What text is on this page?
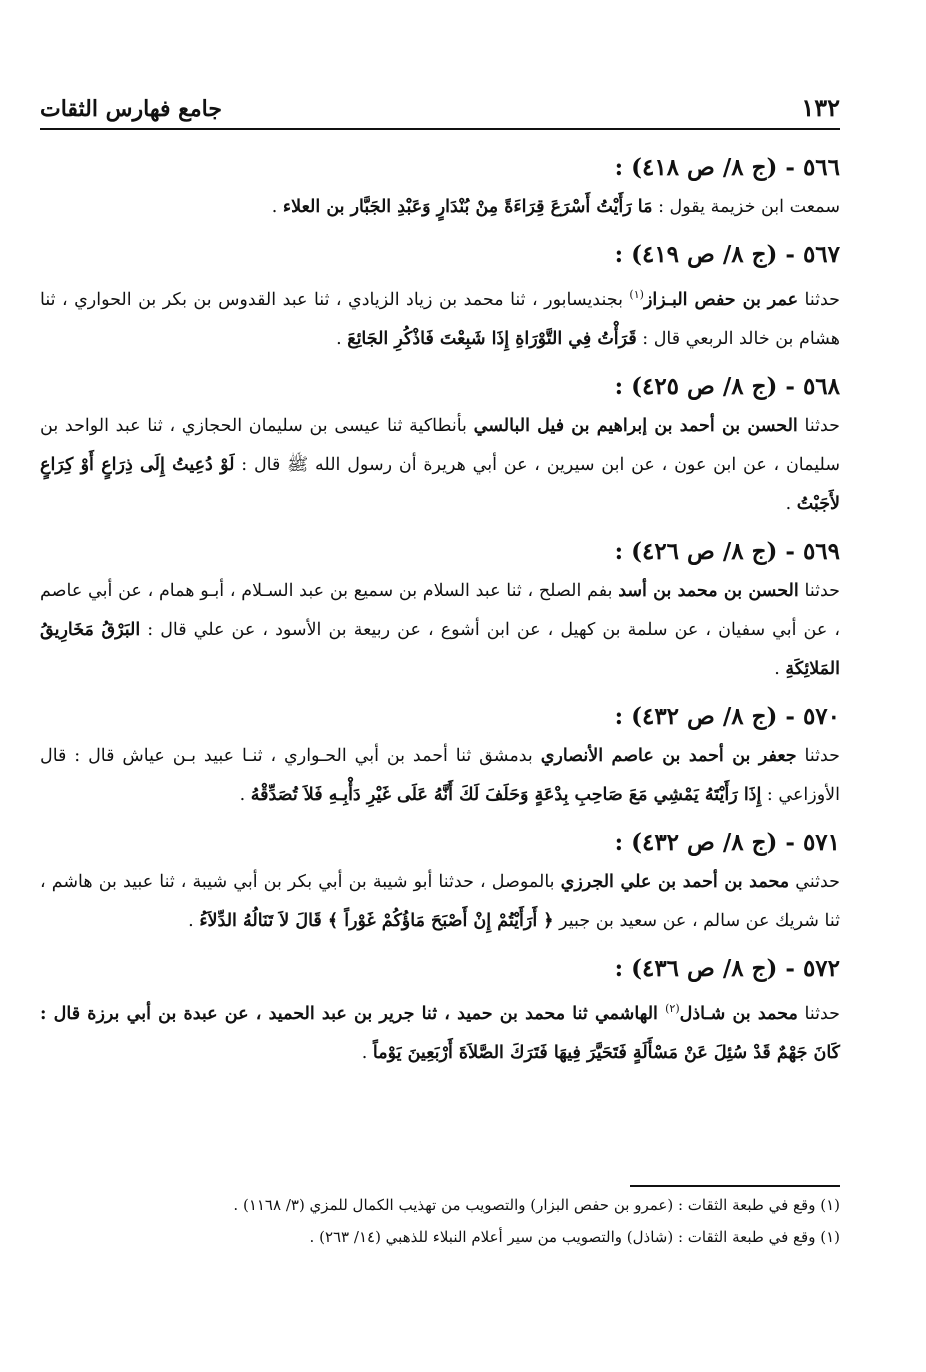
١٣٢
جامع فهارس الثقات
٥٦٦ - (ج ٨/ ص ٤١٨) :
سمعت ابن خزيمة يقول : مَا رَأَيْتُ أَسْرَعَ قِرَاءَةً مِنْ بُنْدَارٍ وَعَبْدِ الجَبَّار بن العلاء .
٥٦٧ - (ج ٨/ ص ٤١٩) :
حدثنا عمر بن حفص البـزاز$^{(١)}$ بجنديسابور ، ثنا محمد بن زياد الزيادي ، ثنا عبد القدوس بن بكر بن الحواري ، ثنا هشام بن خالد الربعي قال : قَرَأْتُ فِي التَّوْرَاةِ إِذَا شَبِعْتَ فَاذْكُرِ الجَائِعَ .
٥٦٨ - (ج ٨/ ص ٤٢٥) :
حدثنا الحسن بن أحمد بن إبراهيم بن فيل البالسي بأنطاكية ثنا عيسى بن سليمان الحجازي ، ثنا عبد الواحد بن سليمان ، عن ابن عون ، عن ابن سيرين ، عن أبي هريرة أن رسول الله ﷺ قال : لَوْ دُعِيتُ إِلَى ذِرَاعٍ أَوْ كِرَاعٍ لأَجَبْتُ .
٥٦٩ - (ج ٨/ ص ٤٢٦) :
حدثنا الحسن بن محمد بن أسد بفم الصلح ، ثنا عبد السلام بن سميع بن عبد السـلام ، أبـو همام ، عن أبي عاصم ، عن أبي سفيان ، عن سلمة بن كهيل ، عن ابن أشوع ، عن ربيعة بن الأسود ، عن علي قال : البَرْقُ مَخَارِيقُ المَلائِكَةِ .
٥٧٠ - (ج ٨/ ص ٤٣٢) :
حدثنا جعفر بن أحمد بن عاصم الأنصاري بدمشق ثنا أحمد بن أبي الحـواري ، ثنـا عبيد بـن عياش قال : قال الأوزاعي : إِذَا رَأَيْتَهُ يَمْشِي مَعَ صَاحِبِ بِدْعَةٍ وَحَلَفَ لَكَ أَنَّهُ عَلَى غَيْرِ دَأْبِـهِ فَلاَ تُصَدِّقْهُ .
٥٧١ - (ج ٨/ ص ٤٣٢) :
حدثني محمد بن أحمد بن علي الجرزي بالموصل ، حدثنا أبو شيبة بن أبي بكر بن أبي شيبة ، ثنا عبيد بن هاشم ، ثنا شريك عن سالم ، عن سعيد بن جبير ﴿ أَرَأَيْتُمْ إِنْ أَصْبَحَ مَاؤُكُمْ غَوْراً ﴾ قَالَ لاَ تَنَالُهُ الدِّلاَءُ .
٥٧٢ - (ج ٨/ ص ٤٣٦) :
حدثنا محمد بن شـاذل$^{(٢)}$ الهاشمي ثنا محمد بن حميد ، ثنا جرير بن عبد الحميد ، عن عبدة بن أبي برزة قال : كَانَ جَهْمٌ قَدْ سُئِلَ عَنْ مَسْأَلَةٍ فَتَحَيَّرَ فِيهَا فَتَرَكَ الصَّلاَةَ أَرْبَعِينَ يَوْماً .
(١) وقع في طبعة الثقات : (عمرو بن حفص البزار) والتصويب من تهذيب الكمال للمزي (٣/ ١١٦٨) .
(١) وقع في طبعة الثقات : (شاذل) والتصويب من سير أعلام النبلاء للذهبي (١٤/ ٢٦٣) .
